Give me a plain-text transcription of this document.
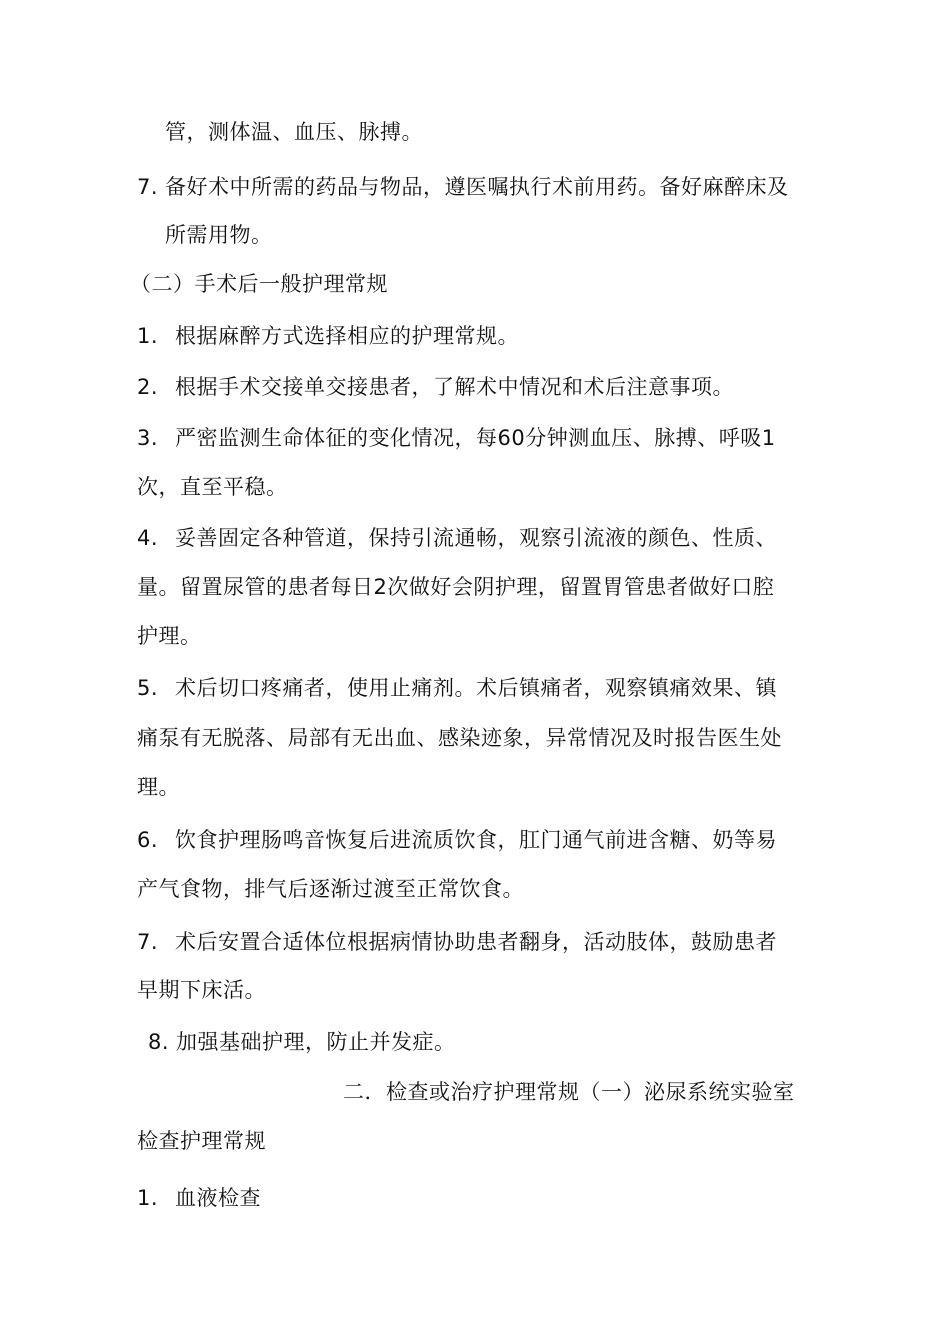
管，测体温、血压、脉搏。
7. 备好术中所需的药品与物品，遵医嘱执行术前用药。备好麻醉床及
所需用物。
（二）手术后一般护理常规
1. 根据麻醉方式选择相应的护理常规。
2. 根据手术交接单交接患者，了解术中情况和术后注意事项。
3. 严密监测生命体征的变化情况，每60分钟测血压、脉搏、呼吸1
次，直至平稳。
4. 妥善固定各种管道，保持引流通畅，观察引流液的颜色、性质、
量。留置尿管的患者每日2次做好会阴护理，留置胃管患者做好口腔
护理。
5. 术后切口疼痛者，使用止痛剂。术后镇痛者，观察镇痛效果、镇
痛泵有无脱落、局部有无出血、感染迹象，异常情况及时报告医生处
理。
6. 饮食护理肠鸣音恢复后进流质饮食，肛门通气前进含糖、奶等易
产气食物，排气后逐渐过渡至正常饮食。
7. 术后安置合适体位根据病情协助患者翻身，活动肢体，鼓励患者
早期下床活。
8. 加强基础护理，防止并发症。
二．检查或治疗护理常规（一）泌尿系统实验室
检查护理常规
1. 血液检查
